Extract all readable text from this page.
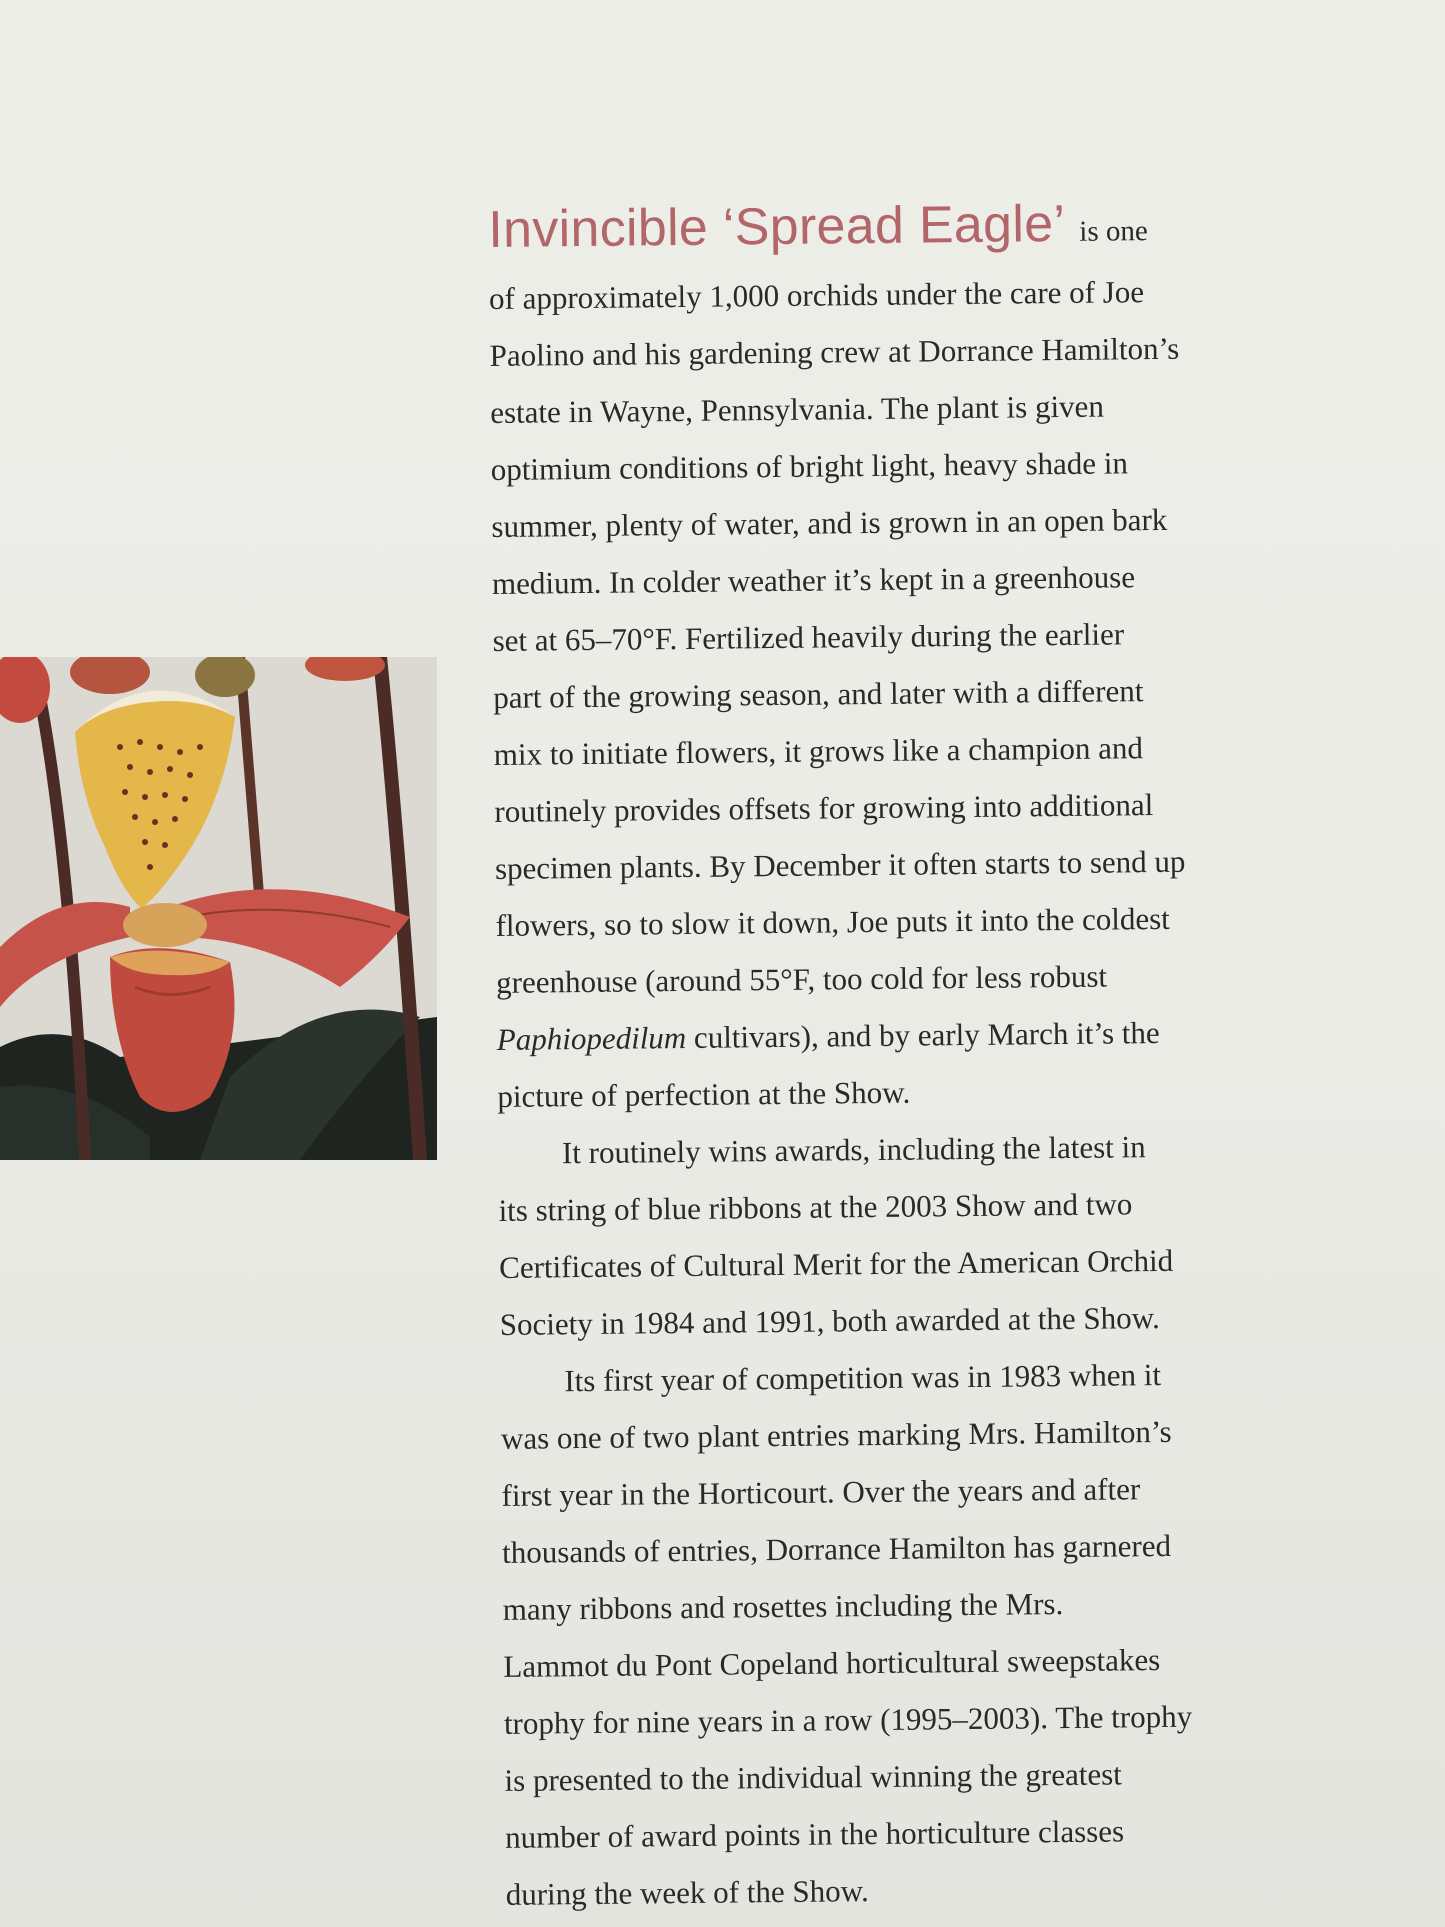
Invincible ‘Spread Eagle’ is one
of approximately 1,000 orchids under the care of Joe
Paolino and his gardening crew at Dorrance Hamilton’s
estate in Wayne, Pennsylvania. The plant is given
optimium conditions of bright light, heavy shade in
summer, plenty of water, and is grown in an open bark
medium. In colder weather it’s kept in a greenhouse
set at 65–70°F. Fertilized heavily during the earlier
part of the growing season, and later with a different
mix to initiate flowers, it grows like a champion and
routinely provides offsets for growing into additional
specimen plants. By December it often starts to send up
flowers, so to slow it down, Joe puts it into the coldest
greenhouse (around 55°F, too cold for less robust
Paphiopedilum cultivars), and by early March it’s the
picture of perfection at the Show.
It routinely wins awards, including the latest in
its string of blue ribbons at the 2003 Show and two
Certificates of Cultural Merit for the American Orchid
Society in 1984 and 1991, both awarded at the Show.
Its first year of competition was in 1983 when it
was one of two plant entries marking Mrs. Hamilton’s
first year in the Horticourt. Over the years and after
thousands of entries, Dorrance Hamilton has garnered
many ribbons and rosettes including the Mrs.
Lammot du Pont Copeland horticultural sweepstakes
trophy for nine years in a row (1995–2003). The trophy
is presented to the individual winning the greatest
number of award points in the horticulture classes
during the week of the Show.
